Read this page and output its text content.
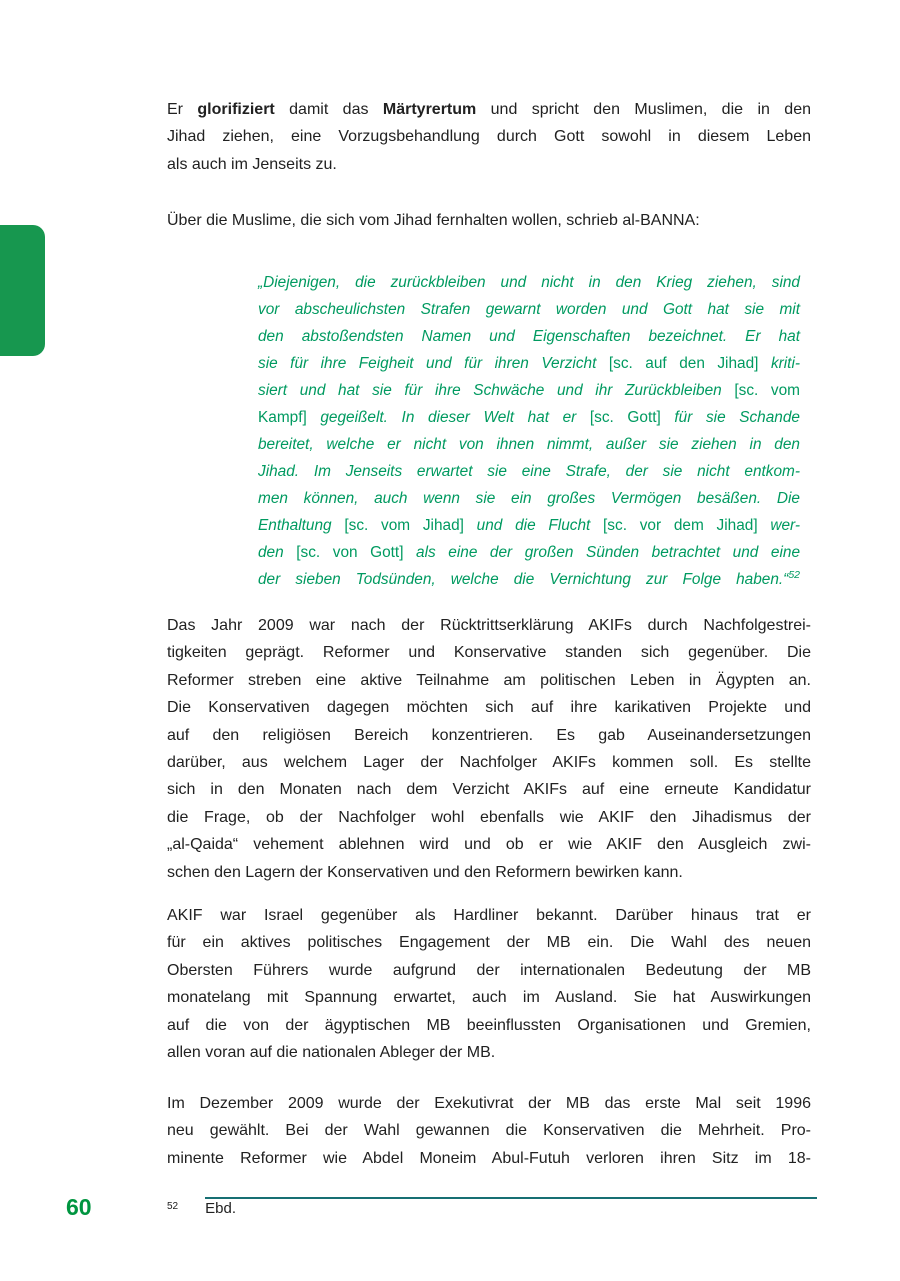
Er glorifiziert damit das Märtyrertum und spricht den Muslimen, die in den
Jihad ziehen, eine Vorzugsbehandlung durch Gott sowohl in diesem Leben
als auch im Jenseits zu.
Über die Muslime, die sich vom Jihad fernhalten wollen, schrieb al-BANNA:
„Diejenigen, die zurückbleiben und nicht in den Krieg ziehen, sind
vor abscheulichsten Strafen gewarnt worden und Gott hat sie mit
den abstoßendsten Namen und Eigenschaften bezeichnet. Er hat
sie für ihre Feigheit und für ihren Verzicht [sc. auf den Jihad] kriti-
siert und hat sie für ihre Schwäche und ihr Zurückbleiben [sc. vom
Kampf] gegeißelt. In dieser Welt hat er [sc. Gott] für sie Schande
bereitet, welche er nicht von ihnen nimmt, außer sie ziehen in den
Jihad. Im Jenseits erwartet sie eine Strafe, der sie nicht entkom-
men können, auch wenn sie ein großes Vermögen besäßen. Die
Enthaltung [sc. vom Jihad] und die Flucht [sc. vor dem Jihad] wer-
den [sc. von Gott] als eine der großen Sünden betrachtet und eine
der sieben Todsünden, welche die Vernichtung zur Folge haben.“$^{52}$
Das Jahr 2009 war nach der Rücktrittserklärung AKIFs durch Nachfolgestrei-
tigkeiten geprägt. Reformer und Konservative standen sich gegenüber. Die
Reformer streben eine aktive Teilnahme am politischen Leben in Ägypten an.
Die Konservativen dagegen möchten sich auf ihre karikativen Projekte und
auf den religiösen Bereich konzentrieren. Es gab Auseinandersetzungen
darüber, aus welchem Lager der Nachfolger AKIFs kommen soll. Es stellte
sich in den Monaten nach dem Verzicht AKIFs auf eine erneute Kandidatur
die Frage, ob der Nachfolger wohl ebenfalls wie AKIF den Jihadismus der
„al-Qaida“ vehement ablehnen wird und ob er wie AKIF den Ausgleich zwi-
schen den Lagern der Konservativen und den Reformern bewirken kann.
AKIF war Israel gegenüber als Hardliner bekannt. Darüber hinaus trat er
für ein aktives politisches Engagement der MB ein. Die Wahl des neuen
Obersten Führers wurde aufgrund der internationalen Bedeutung der MB
monatelang mit Spannung erwartet, auch im Ausland. Sie hat Auswirkungen
auf die von der ägyptischen MB beeinflussten Organisationen und Gremien,
allen voran auf die nationalen Ableger der MB.
Im Dezember 2009 wurde der Exekutivrat der MB das erste Mal seit 1996
neu gewählt. Bei der Wahl gewannen die Konservativen die Mehrheit. Pro-
minente Reformer wie Abdel Moneim Abul-Futuh verloren ihren Sitz im 18-
$^{52}$ Ebd.
60
